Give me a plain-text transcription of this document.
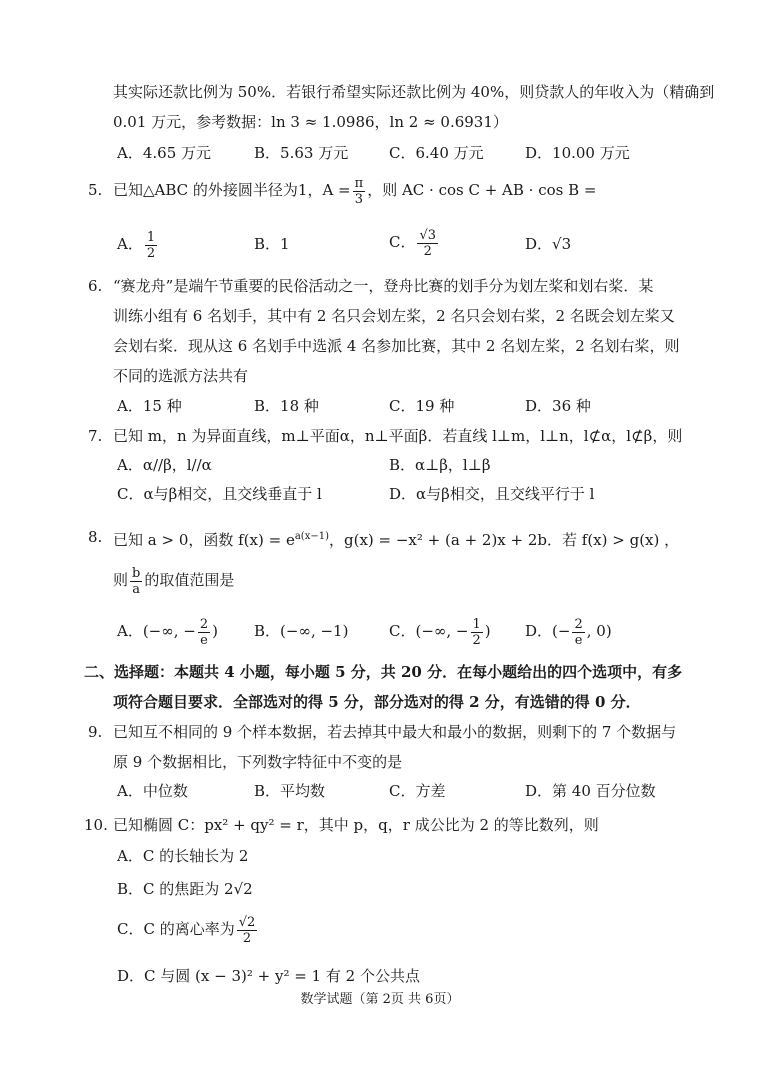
其实际还款比例为 50%．若银行希望实际还款比例为 40%，则贷款人的年收入为（精确到
0.01 万元，参考数据：ln 3 ≈ 1.0986，ln 2 ≈ 0.6931）
A．4.65 万元	B．5.63 万元	C．6.40 万元	D．10.00 万元
5. 已知△ABC 的外接圆半径为1，$A = \frac{\pi}{3}$ ，则 AC · cos C + AB · cos B =
A． $\frac{1}{2}$	B．1	C． $\frac{√3}{2}$	D．√3
6. “赛龙舟”是端午节重要的民俗活动之一，登舟比赛的划手分为划左桨和划右桨．某
训练小组有 6 名划手，其中有 2 名只会划左桨，2 名只会划右桨，2 名既会划左桨又
会划右桨．现从这 6 名划手中选派 4 名参加比赛，其中 2 名划左桨，2 名划右桨，则
不同的选派方法共有
A．15 种	B．18 种	C．19 种	D．36 种
7. 已知 m，n 为异面直线，m⊥平面α，n⊥平面β．若直线 l⊥m，l⊥n，l⊄α，l⊄β，则
A．α//β，l//α	B．α⊥β，l⊥β
C．α与β相交，且交线垂直于 l	D．α与β相交，且交线平行于 l
8. 已知 a > 0，函数 $f(x) = e^{a(x-1)}$，g(x) = −x² + (a + 2)x + 2b．若 f(x) > g(x) ，
则 $\frac{b}{a}$ 的取值范围是
A．(−∞, − $\frac{2}{e}$ ) B．(−∞, −1)	C．(−∞, − $\frac{1}{2}$ ) D．(− $\frac{2}{e}$ , 0)
二、选择题：本题共 4 小题，每小题 5 分，共 20 分．在每小题给出的四个选项中，有多
项符合题目要求．全部选对的得 5 分，部分选对的得 2 分，有选错的得 0 分．
9. 已知互不相同的 9 个样本数据，若去掉其中最大和最小的数据，则剩下的 7 个数据与
原 9 个数据相比，下列数字特征中不变的是
A．中位数	B．平均数	C．方差	D．第 40 百分位数
10. 已知椭圆 C：px² + qy² = r，其中 p，q，r 成公比为 2 的等比数列，则
A．C 的长轴长为 2
B．C 的焦距为 2√2
C．C 的离心率为 $\frac{√2}{2}$
D．C 与圆 (x − 3)² + y² = 1 有 2 个公共点
数学试题（第 2页 共 6页）
